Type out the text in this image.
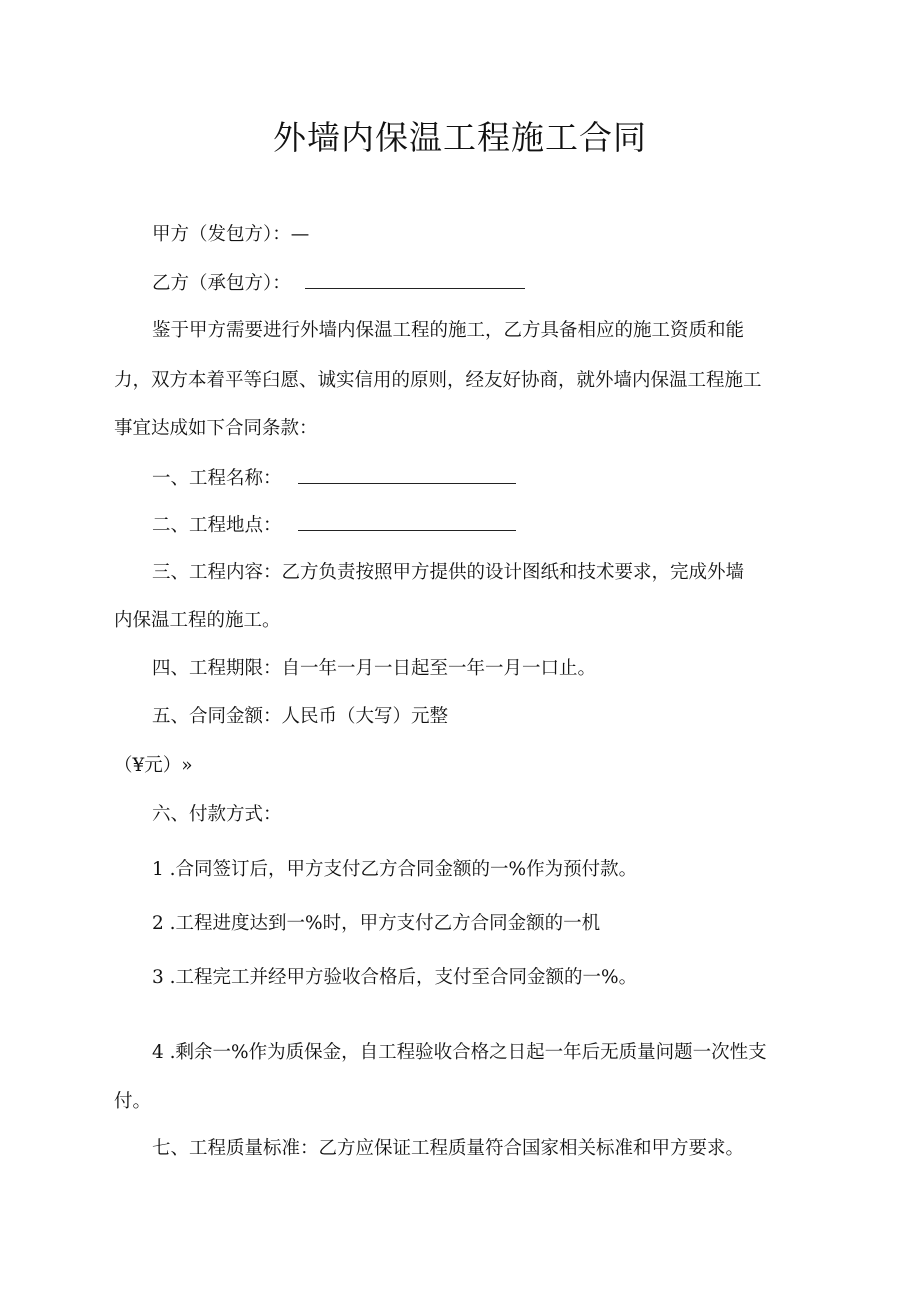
外墙内保温工程施工合同
甲方（发包方）：—
乙方（承包方）：
鉴于甲方需要进行外墙内保温工程的施工，乙方具备相应的施工资质和能
力，双方本着平等臼愿、诚实信用的原则，经友好协商，就外墙内保温工程施工
事宜达成如下合同条款：
一、工程名称：
二、工程地点：
三、工程内容：乙方负责按照甲方提供的设计图纸和技术要求，完成外墙
内保温工程的施工。
四、工程期限：自一年一月一日起至一年一月一口止。
五、合同金额：人民币（大写）元整
（¥元）»
六、付款方式：
1 .合同签订后，甲方支付乙方合同金额的一%作为预付款。
2 .工程进度达到一%时，甲方支付乙方合同金额的一机
3 .工程完工并经甲方验收合格后，支付至合同金额的一%。
4 .剩余一%作为质保金，自工程验收合格之日起一年后无质量问题一次性支
付。
七、工程质量标准：乙方应保证工程质量符合国家相关标准和甲方要求。
